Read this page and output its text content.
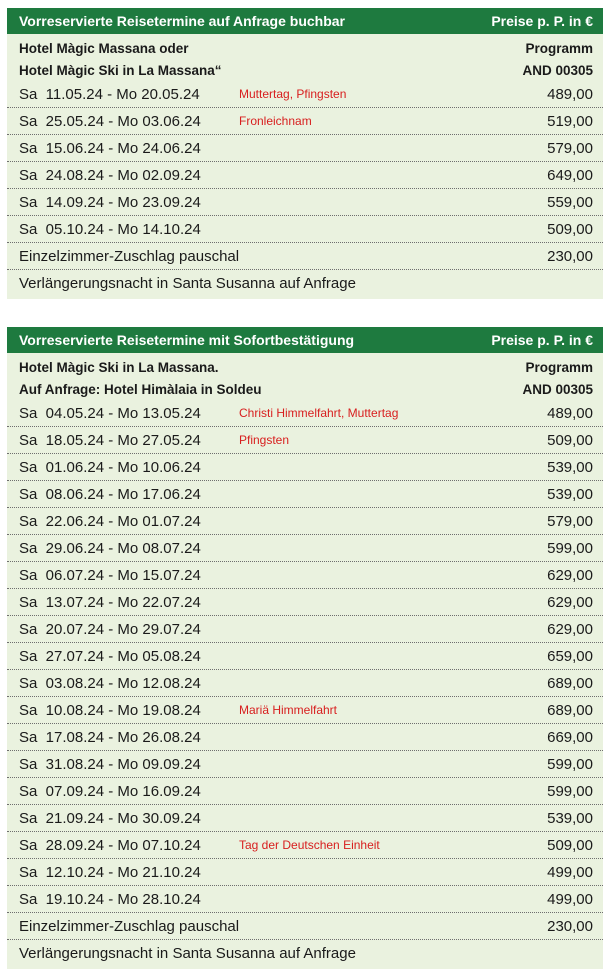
Vorreservierte Reisetermine auf Anfrage buchbar	Preise p. P. in €
Hotel Màgic Massana oder	Programm
Hotel Màgic Ski in La Massana“	AND 00305
Sa  11.05.24 - Mo 20.05.24	Muttertag, Pfingsten	489,00
Sa  25.05.24 - Mo 03.06.24	Fronleichnam	519,00
Sa  15.06.24 - Mo 24.06.24	579,00
Sa  24.08.24 - Mo 02.09.24	649,00
Sa  14.09.24 - Mo 23.09.24	559,00
Sa  05.10.24 - Mo 14.10.24	509,00
Einzelzimmer-Zuschlag pauschal	230,00
Verlängerungsnacht in Santa Susanna auf Anfrage
Vorreservierte Reisetermine mit Sofortbestätigung	Preise p. P. in €
Hotel Màgic Ski in La Massana.	Programm
Auf Anfrage: Hotel Himàlaia in Soldeu	AND 00305
Sa  04.05.24 - Mo 13.05.24	Christi Himmelfahrt, Muttertag	489,00
Sa  18.05.24 - Mo 27.05.24	Pfingsten	509,00
Sa  01.06.24 - Mo 10.06.24	539,00
Sa  08.06.24 - Mo 17.06.24	539,00
Sa  22.06.24 - Mo 01.07.24	579,00
Sa  29.06.24 - Mo 08.07.24	599,00
Sa  06.07.24 - Mo 15.07.24	629,00
Sa  13.07.24 - Mo 22.07.24	629,00
Sa  20.07.24 - Mo 29.07.24	629,00
Sa  27.07.24 - Mo 05.08.24	659,00
Sa  03.08.24 - Mo 12.08.24	689,00
Sa  10.08.24 - Mo 19.08.24	Mariä Himmelfahrt	689,00
Sa  17.08.24 - Mo 26.08.24	669,00
Sa  31.08.24 - Mo 09.09.24	599,00
Sa  07.09.24 - Mo 16.09.24	599,00
Sa  21.09.24 - Mo 30.09.24	539,00
Sa  28.09.24 - Mo 07.10.24	Tag der Deutschen Einheit	509,00
Sa  12.10.24 - Mo 21.10.24	499,00
Sa  19.10.24 - Mo 28.10.24	499,00
Einzelzimmer-Zuschlag pauschal	230,00
Verlängerungsnacht in Santa Susanna auf Anfrage
